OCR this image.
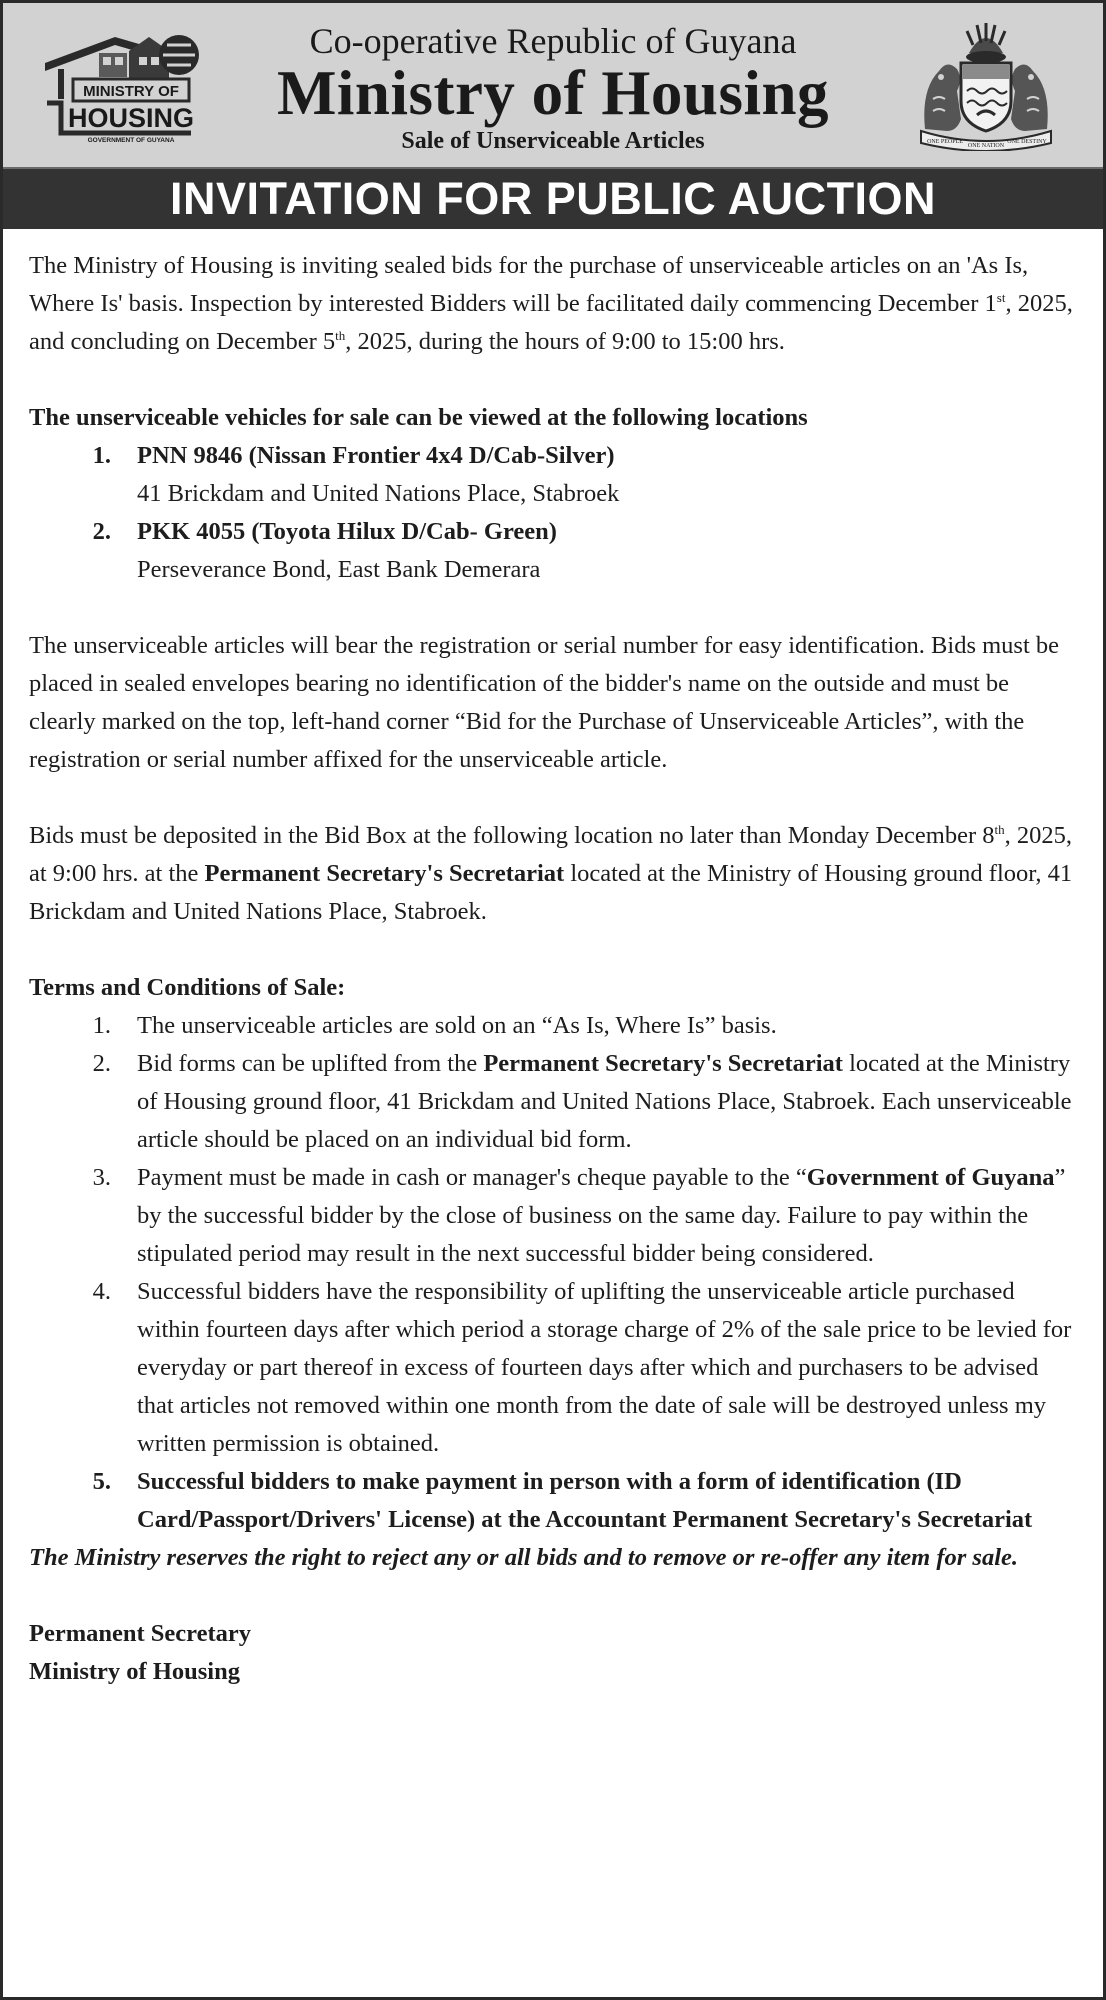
MINISTRY OF
HOUSING
GOVERNMENT OF GUYANA
Co-operative Republic of Guyana
Ministry of Housing
Sale of Unserviceable Articles	ONE PEOPLE
ONE NATION
ONE DESTINY
INVITATION FOR PUBLIC AUCTION

The Ministry of Housing is inviting sealed bids for the purchase of unserviceable articles on an 'As Is, Where Is' basis. Inspection by interested Bidders will be facilitated daily commencing December 1st, 2025, and concluding on December 5th, 2025, during the hours of 9:00 to 15:00 hrs.

The unserviceable vehicles for sale can be viewed at the following locations
1.	PNN 9846 (Nissan Frontier 4x4 D/Cab-Silver)
41 Brickdam and United Nations Place, Stabroek
2.	PKK 4055 (Toyota Hilux D/Cab- Green)
Perseverance Bond, East Bank Demerara

The unserviceable articles will bear the registration or serial number for easy identification. Bids must be placed in sealed envelopes bearing no identification of the bidder's name on the outside and must be clearly marked on the top, left-hand corner “Bid for the Purchase of Unserviceable Articles”, with the registration or serial number affixed for the unserviceable article.

Bids must be deposited in the Bid Box at the following location no later than Monday December 8th, 2025, at 9:00 hrs. at the Permanent Secretary's Secretariat located at the Ministry of Housing ground floor, 41 Brickdam and United Nations Place, Stabroek.

Terms and Conditions of Sale:
1.	The unserviceable articles are sold on an “As Is, Where Is” basis.
2.	Bid forms can be uplifted from the Permanent Secretary's Secretariat located at the Ministry of Housing ground floor, 41 Brickdam and United Nations Place, Stabroek. Each unserviceable article should be placed on an individual bid form.
3.	Payment must be made in cash or manager's cheque payable to the “Government of Guyana” by the successful bidder by the close of business on the same day. Failure to pay within the stipulated period may result in the next successful bidder being considered.
4.	Successful bidders have the responsibility of uplifting the unserviceable article purchased within fourteen days after which period a storage charge of 2% of the sale price to be levied for everyday or part thereof in excess of fourteen days after which and purchasers to be advised that articles not removed within one month from the date of sale will be destroyed unless my written permission is obtained.
5.	Successful bidders to make payment in person with a form of identification (ID Card/Passport/Drivers' License) at the Accountant Permanent Secretary's Secretariat

The Ministry reserves the right to reject any or all bids and to remove or re-offer any item for sale.

Permanent Secretary
Ministry of Housing
